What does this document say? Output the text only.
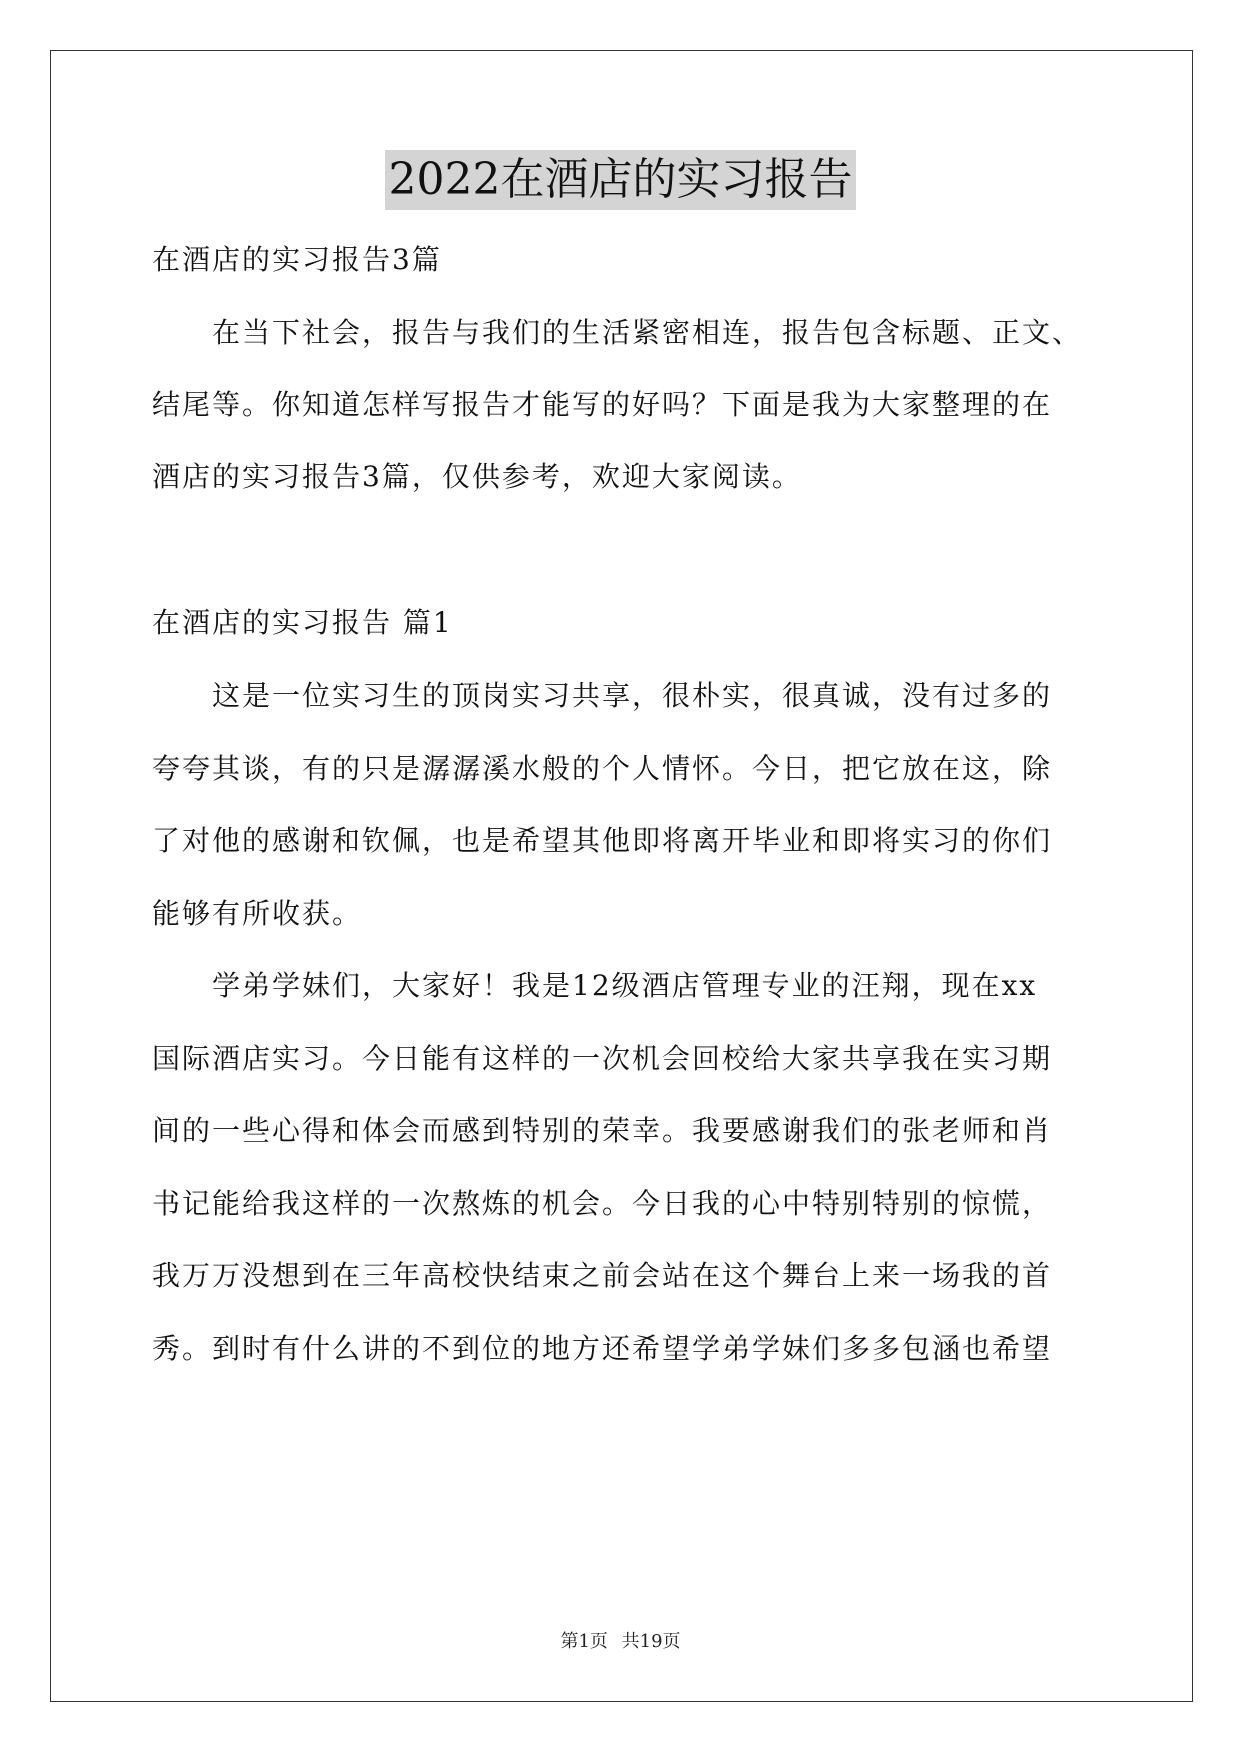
2022在酒店的实习报告
在酒店的实习报告3篇
在当下社会，报告与我们的生活紧密相连，报告包含标题、正文、
结尾等。你知道怎样写报告才能写的好吗？下面是我为大家整理的在
酒店的实习报告3篇，仅供参考，欢迎大家阅读。
在酒店的实习报告 篇1
这是一位实习生的顶岗实习共享，很朴实，很真诚，没有过多的
夸夸其谈，有的只是潺潺溪水般的个人情怀。今日，把它放在这，除
了对他的感谢和钦佩，也是希望其他即将离开毕业和即将实习的你们
能够有所收获。
学弟学妹们，大家好！我是12级酒店管理专业的汪翔，现在xx
国际酒店实习。今日能有这样的一次机会回校给大家共享我在实习期
间的一些心得和体会而感到特别的荣幸。我要感谢我们的张老师和肖
书记能给我这样的一次熬炼的机会。今日我的心中特别特别的惊慌，
我万万没想到在三年高校快结束之前会站在这个舞台上来一场我的首
秀。到时有什么讲的不到位的地方还希望学弟学妹们多多包涵也希望
第1页 共19页
